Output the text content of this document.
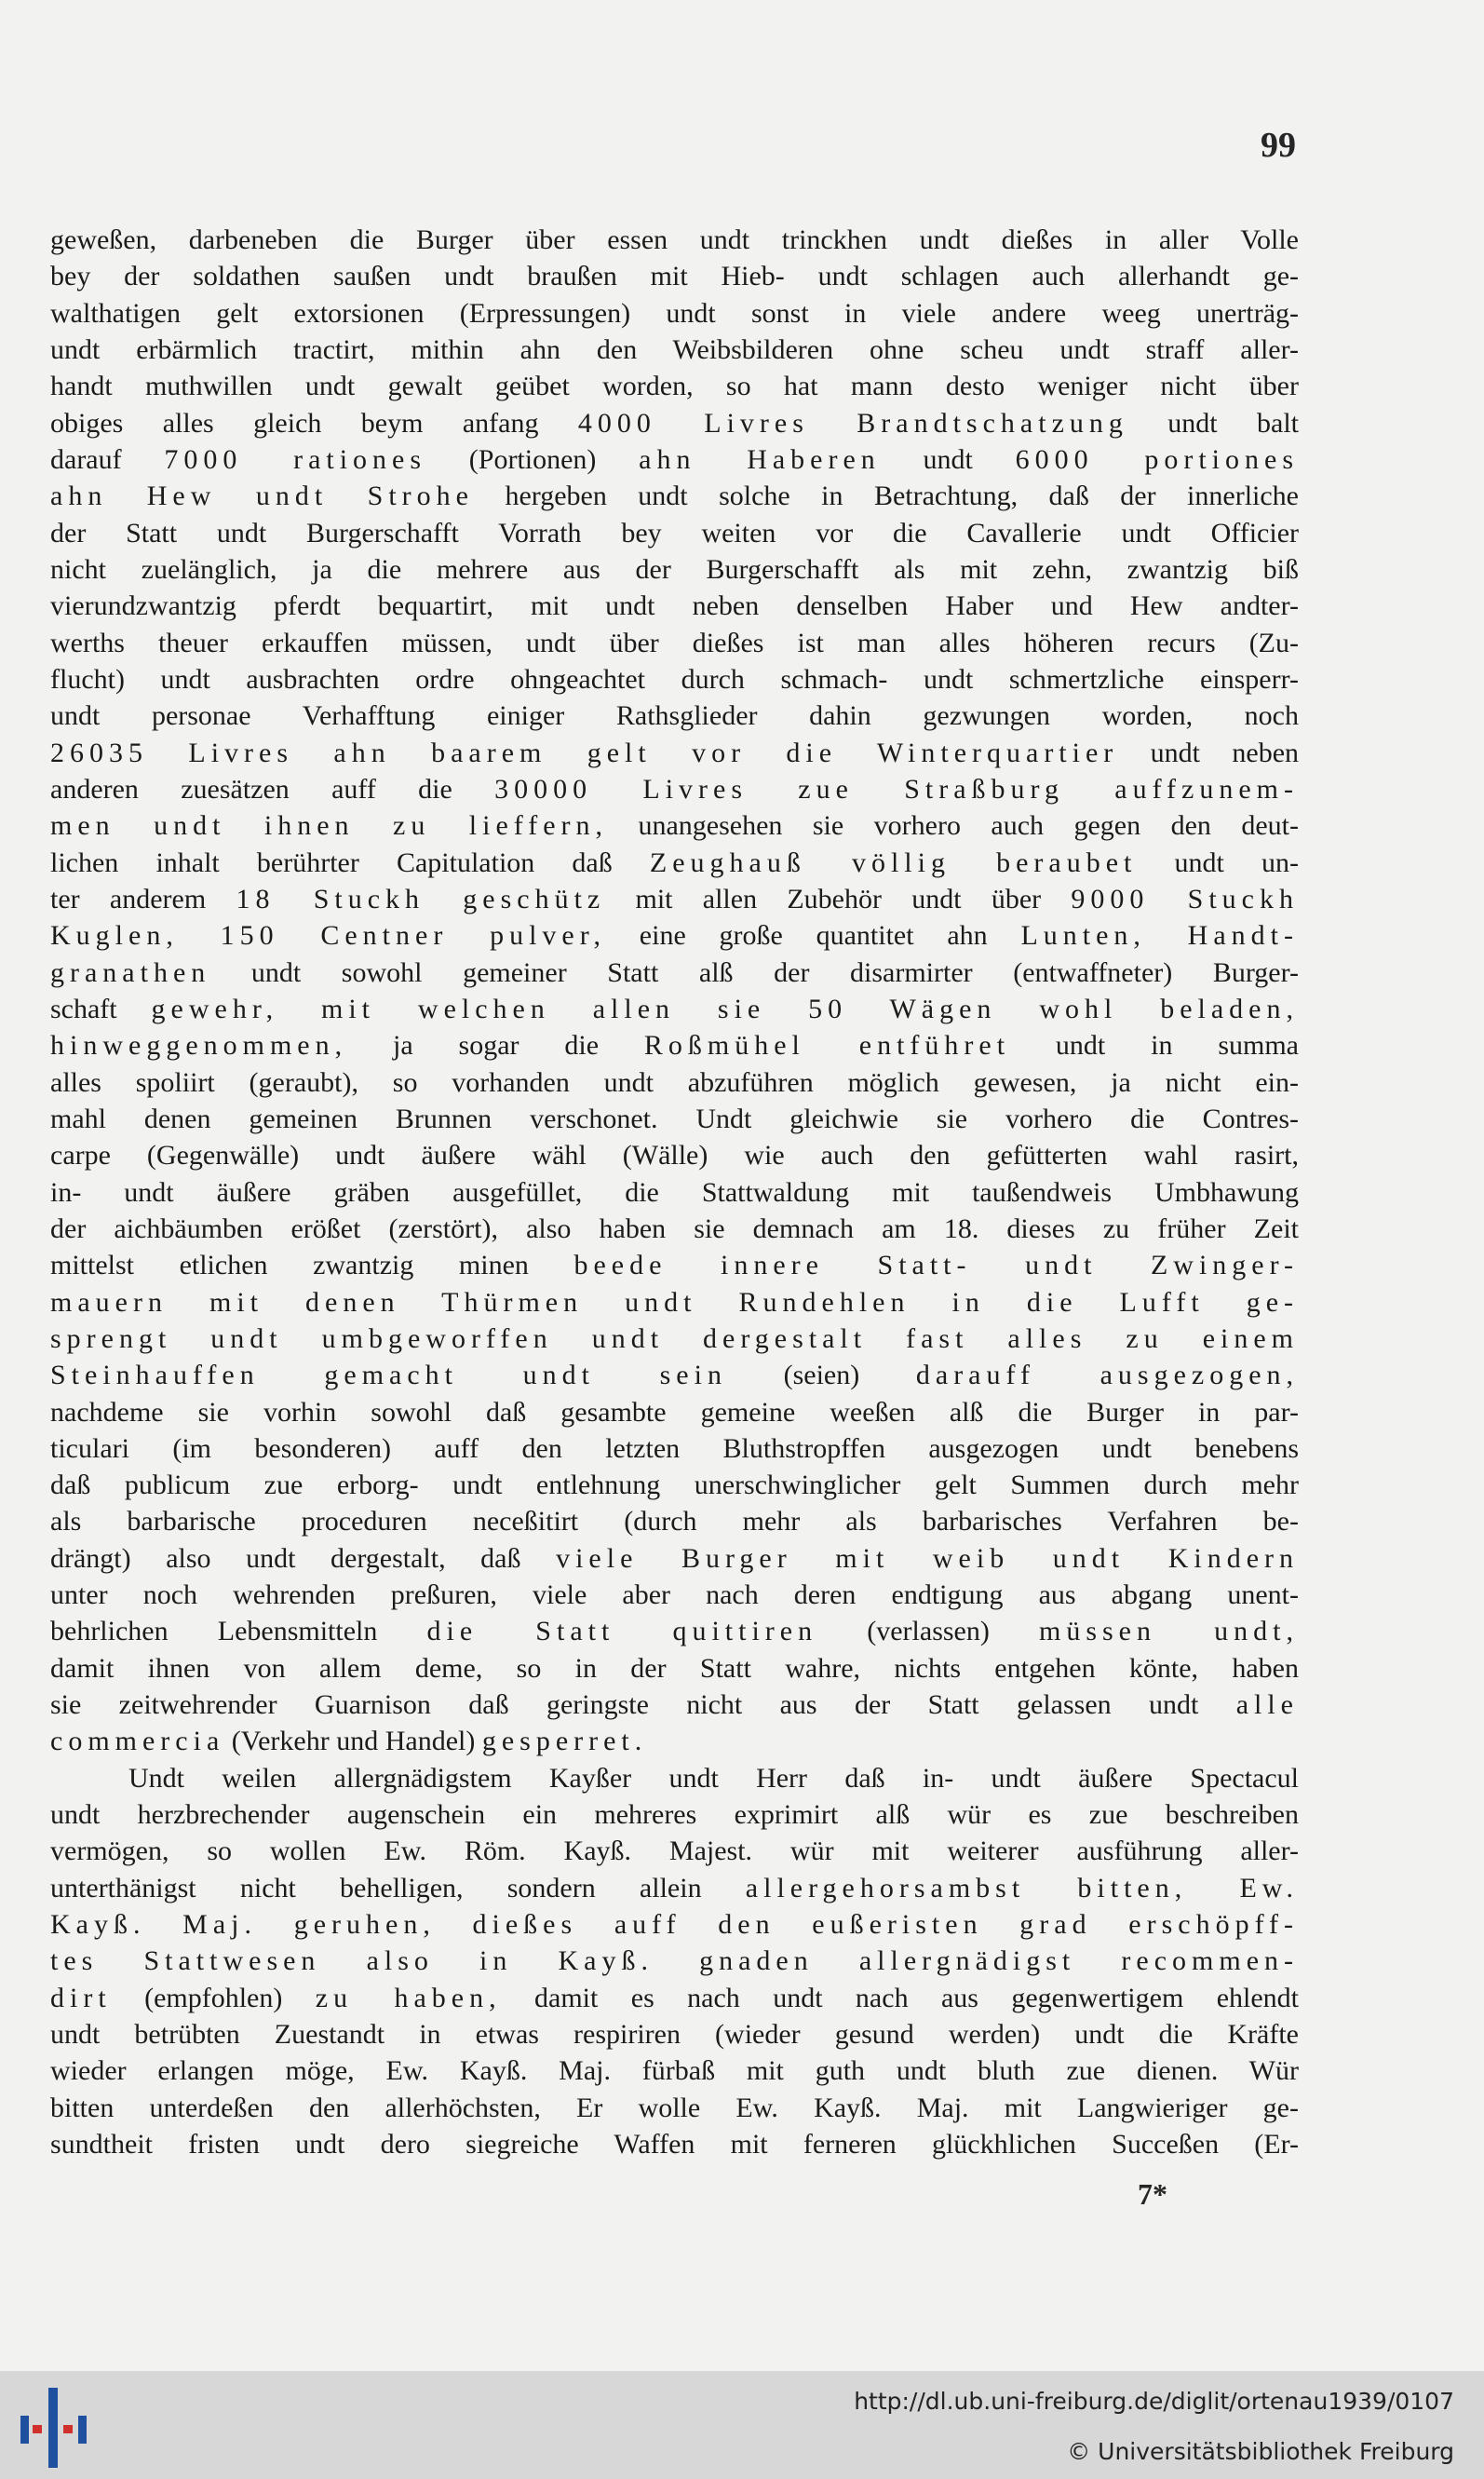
99
geweßen, darbeneben die Burger über essen undt trinckhen undt dießes in aller Volle
bey der soldathen saußen undt braußen mit Hieb- undt schlagen auch allerhandt ge-
walthatigen gelt extorsionen (Erpressungen) undt sonst in viele andere weeg unerträg-
undt erbärmlich tractirt, mithin ahn den Weibsbilderen ohne scheu undt straff aller-
handt muthwillen undt gewalt geübet worden, so hat mann desto weniger nicht über
obiges alles gleich beym anfang 4000 Livres Brandtschatzung undt balt
darauf 7000 rationes (Portionen) ahn Haberen undt 6000 portiones
ahn Hew undt Strohe hergeben undt solche in Betrachtung, daß der innerliche
der Statt undt Burgerschafft Vorrath bey weiten vor die Cavallerie undt Officier
nicht zuelänglich, ja die mehrere aus der Burgerschafft als mit zehn, zwantzig biß
vierundzwantzig pferdt bequartirt, mit undt neben denselben Haber und Hew andter-
werths theuer erkauffen müssen, undt über dießes ist man alles höheren recurs (Zu-
flucht) undt ausbrachten ordre ohngeachtet durch schmach- undt schmertzliche einsperr-
undt personae Verhafftung einiger Rathsglieder dahin gezwungen worden, noch
26035 Livres ahn baarem gelt vor die Winterquartier undt neben
anderen zuesätzen auff die 30000 Livres zue Straßburg auffzunem-
men undt ihnen zu lieffern, unangesehen sie vorhero auch gegen den deut-
lichen inhalt berührter Capitulation daß Zeughauß völlig beraubet undt un-
ter anderem 18 Stuckh geschütz mit allen Zubehör undt über 9000 Stuckh
Kuglen, 150 Centner pulver, eine große quantitet ahn Lunten, Handt-
granathen undt sowohl gemeiner Statt alß der disarmirter (entwaffneter) Burger-
schaft gewehr, mit welchen allen sie 50 Wägen wohl beladen,
hinweggenommen, ja sogar die Roßmühel entführet undt in summa
alles spoliirt (geraubt), so vorhanden undt abzuführen möglich gewesen, ja nicht ein-
mahl denen gemeinen Brunnen verschonet. Undt gleichwie sie vorhero die Contres-
carpe (Gegenwälle) undt äußere wähl (Wälle) wie auch den gefütterten wahl rasirt,
in- undt äußere gräben ausgefüllet, die Stattwaldung mit taußendweis Umbhawung
der aichbäumben erößet (zerstört), also haben sie demnach am 18. dieses zu früher Zeit
mittelst etlichen zwantzig minen beede innere Statt- undt Zwinger-
mauern mit denen Thürmen undt Rundehlen in die Lufft ge-
sprengt undt umbgeworffen undt dergestalt fast alles zu einem
Steinhauffen gemacht undt sein (seien) darauff ausgezogen,
nachdeme sie vorhin sowohl daß gesambte gemeine weeßen alß die Burger in par-
ticulari (im besonderen) auff den letzten Bluthstropffen ausgezogen undt benebens
daß publicum zue erborg- undt entlehnung unerschwinglicher gelt Summen durch mehr
als barbarische proceduren neceßitirt (durch mehr als barbarisches Verfahren be-
drängt) also undt dergestalt, daß viele Burger mit weib undt Kindern
unter noch wehrenden preßuren, viele aber nach deren endtigung aus abgang unent-
behrlichen Lebensmitteln die Statt quittiren (verlassen) müssen undt,
damit ihnen von allem deme, so in der Statt wahre, nichts entgehen könte, haben
sie zeitwehrender Guarnison daß geringste nicht aus der Statt gelassen undt alle
commercia (Verkehr und Handel) gesperret.
Undt weilen allergnädigstem Kayßer undt Herr daß in- undt äußere Spectacul
undt herzbrechender augenschein ein mehreres exprimirt alß wür es zue beschreiben
vermögen, so wollen Ew. Röm. Kayß. Majest. wür mit weiterer ausführung aller-
unterthänigst nicht behelligen, sondern allein allergehorsambst bitten, Ew.
Kayß. Maj. geruhen, dießes auff den eußeristen grad erschöpff-
tes Stattwesen also in Kayß. gnaden allergnädigst recommen-
dirt (empfohlen) zu haben, damit es nach undt nach aus gegenwertigem ehlendt
undt betrübten Zuestandt in etwas respiriren (wieder gesund werden) undt die Kräfte
wieder erlangen möge, Ew. Kayß. Maj. fürbaß mit guth undt bluth zue dienen. Wür
bitten unterdeßen den allerhöchsten, Er wolle Ew. Kayß. Maj. mit Langwieriger ge-
sundtheit fristen undt dero siegreiche Waffen mit ferneren glückhlichen Succeßen (Er-
7*
http://dl.ub.uni-freiburg.de/diglit/ortenau1939/0107
© Universitätsbibliothek Freiburg
